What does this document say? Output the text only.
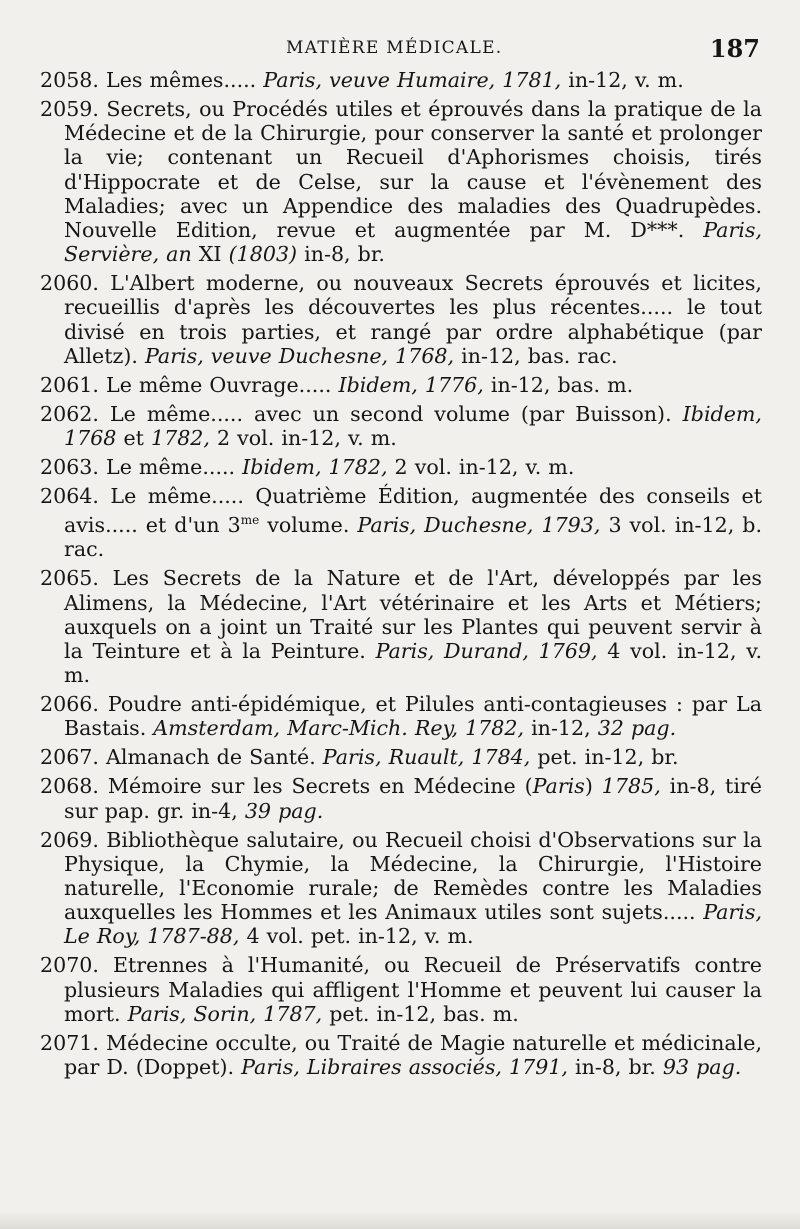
MATIÈRE MÉDICALE.	187

2058. Les mêmes..... Paris, veuve Humaire, 1781, in-12, v. m.

2059. Secrets, ou Procédés utiles et éprouvés dans la pratique de la Médecine et de la Chirurgie, pour conserver la santé et prolonger la vie; contenant un Recueil d'Aphorismes choisis, tirés d'Hippocrate et de Celse, sur la cause et l'évènement des Maladies; avec un Appendice des maladies des Quadrupèdes. Nouvelle Edition, revue et augmentée par M. D***. Paris, Servière, an XI (1803) in-8, br.

2060. L'Albert moderne, ou nouveaux Secrets éprouvés et licites, recueillis d'après les découvertes les plus récentes..... le tout divisé en trois parties, et rangé par ordre alphabétique (par Alletz). Paris, veuve Duchesne, 1768, in-12, bas. rac.

2061. Le même Ouvrage..... Ibidem, 1776, in-12, bas. m.

2062. Le même..... avec un second volume (par Buisson). Ibidem, 1768 et 1782, 2 vol. in-12, v. m.

2063. Le même..... Ibidem, 1782, 2 vol. in-12, v. m.

2064. Le même..... Quatrième Édition, augmentée des conseils et avis..... et d'un $3^{me}$ volume. Paris, Duchesne, 1793, 3 vol. in-12, b. rac.

2065. Les Secrets de la Nature et de l'Art, développés par les Alimens, la Médecine, l'Art vétérinaire et les Arts et Métiers; auxquels on a joint un Traité sur les Plantes qui peuvent servir à la Teinture et à la Peinture. Paris, Durand, 1769, 4 vol. in-12, v. m.

2066. Poudre anti-épidémique, et Pilules anti-contagieuses : par La Bastais. Amsterdam, Marc-Mich. Rey, 1782, in-12, 32 pag.

2067. Almanach de Santé. Paris, Ruault, 1784, pet. in-12, br.

2068. Mémoire sur les Secrets en Médecine (Paris) 1785, in-8, tiré sur pap. gr. in-4, 39 pag.

2069. Bibliothèque salutaire, ou Recueil choisi d'Observations sur la Physique, la Chymie, la Médecine, la Chirurgie, l'Histoire naturelle, l'Economie rurale; de Remèdes contre les Maladies auxquelles les Hommes et les Animaux utiles sont sujets..... Paris, Le Roy, 1787-88, 4 vol. pet. in-12, v. m.

2070. Etrennes à l'Humanité, ou Recueil de Préservatifs contre plusieurs Maladies qui affligent l'Homme et peuvent lui causer la mort. Paris, Sorin, 1787, pet. in-12, bas. m.

2071. Médecine occulte, ou Traité de Magie naturelle et médicinale, par D. (Doppet). Paris, Libraires associés, 1791, in-8, br. 93 pag.
